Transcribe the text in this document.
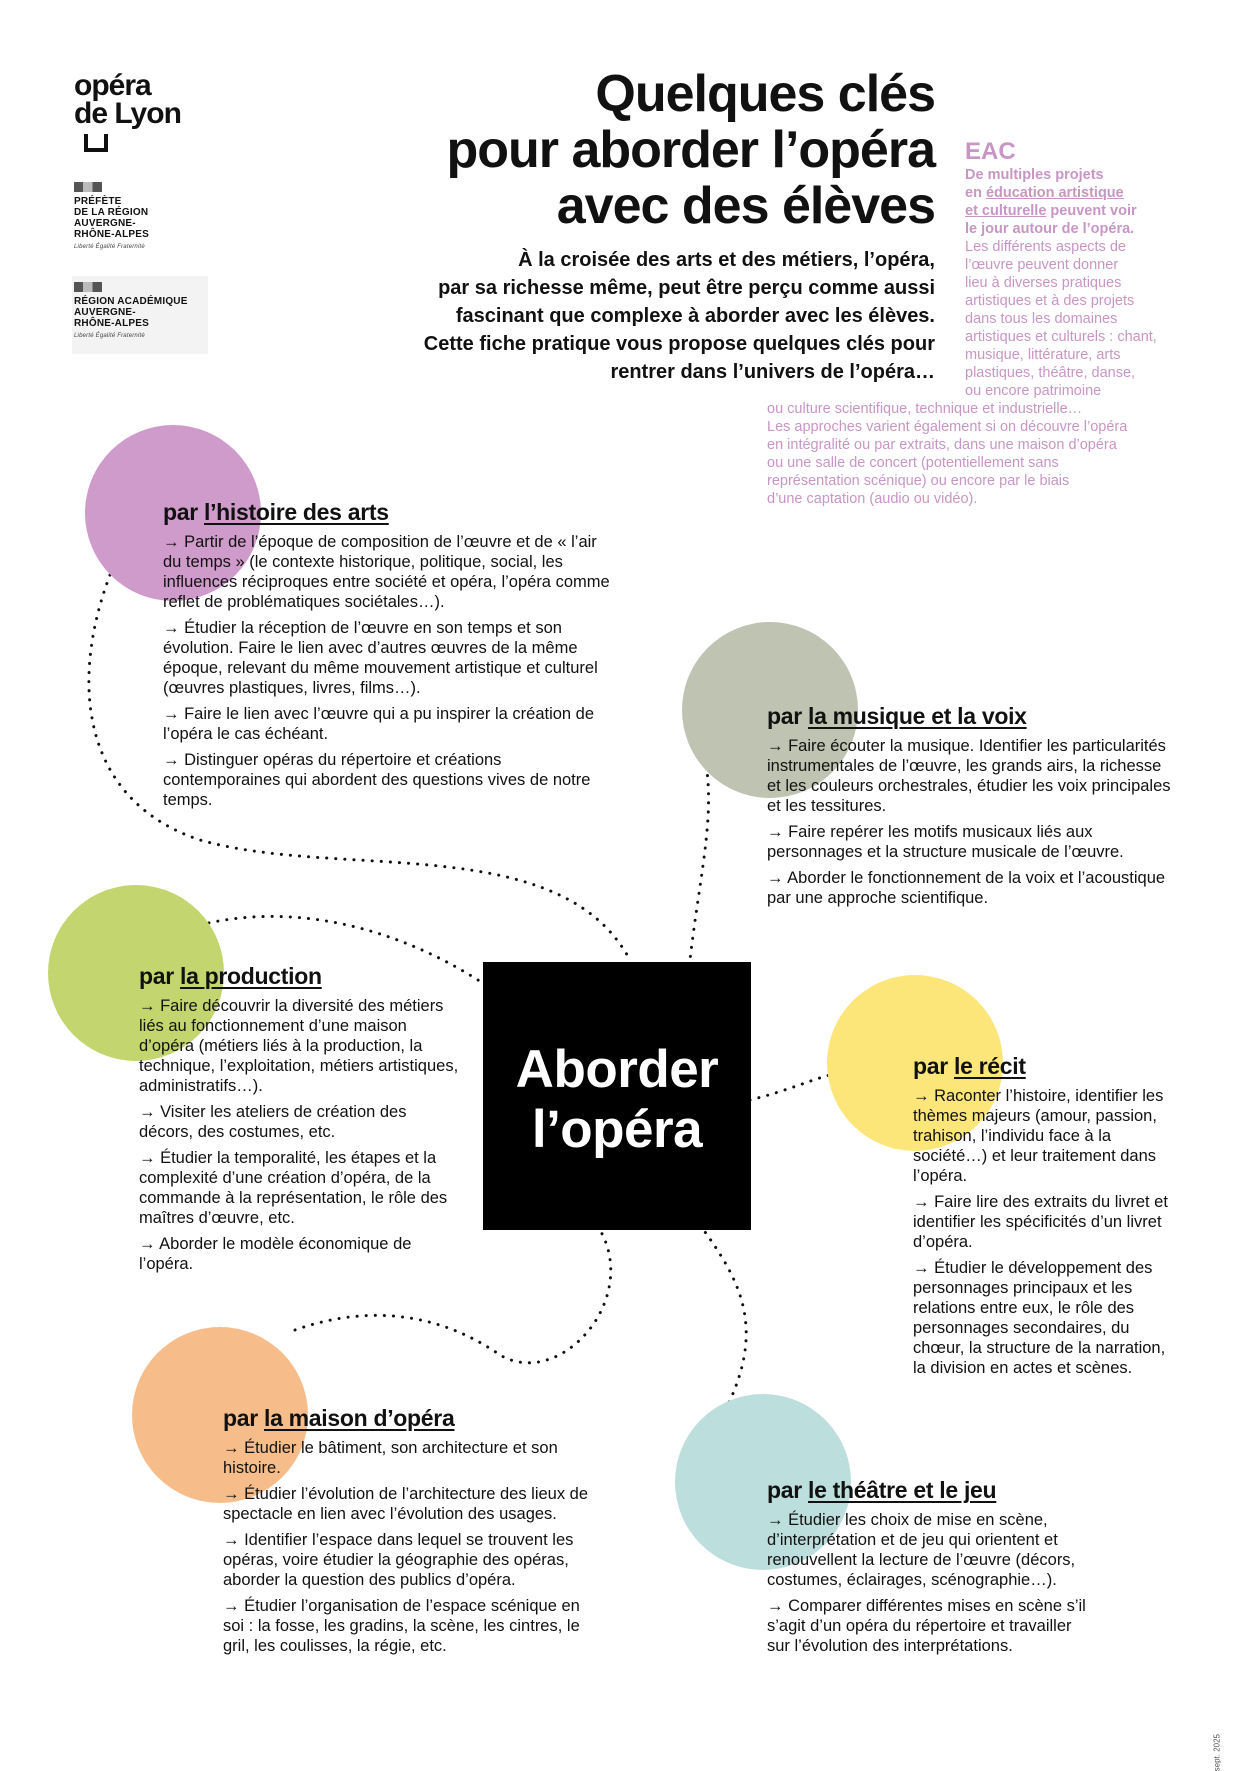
opéra
de Lyon
PRÉFÈTE
DE LA RÉGION
AUVERGNE-
RHÔNE-ALPES
Liberté Égalité Fraternité
RÉGION ACADÉMIQUE
AUVERGNE-
RHÔNE-ALPES
Liberté Égalité Fraternité
Quelques clés
pour aborder l’opéra
avec des élèves
À la croisée des arts et des métiers, l’opéra,
par sa richesse même, peut être perçu comme aussi
fascinant que complexe à aborder avec les élèves.
Cette fiche pratique vous propose quelques clés pour
rentrer dans l’univers de l’opéra…
EAC
De multiples projets
en éducation artistique
et culturelle peuvent voir
le jour autour de l’opéra.
Les différents aspects de
l’œuvre peuvent donner
lieu à diverses pratiques
artistiques et à des projets
dans tous les domaines
artistiques et culturels : chant,
musique, littérature, arts
plastiques, théâtre, danse,
ou encore patrimoine
ou culture scientifique, technique et industrielle…
Les approches varient également si on découvre l’opéra
en intégralité ou par extraits, dans une maison d’opéra
ou une salle de concert (potentiellement sans
représentation scénique) ou encore par le biais
d’une captation (audio ou vidéo).
Aborder
l’opéra
par l’histoire des arts

→ Partir de l’époque de composition de l’œuvre et de « l’air du temps » (le contexte historique, politique, social, les influences réciproques entre société et opéra, l’opéra comme reflet de problématiques sociétales…).

→ Étudier la réception de l’œuvre en son temps et son évolution. Faire le lien avec d’autres œuvres de la même époque, relevant du même mouvement artistique et culturel (œuvres plastiques, livres, films…).

→ Faire le lien avec l’œuvre qui a pu inspirer la création de l’opéra le cas échéant.

→ Distinguer opéras du répertoire et créations contemporaines qui abordent des questions vives de notre temps.

par la musique et la voix

→ Faire écouter la musique. Identifier les particularités instrumentales de l’œuvre, les grands airs, la richesse et les couleurs orchestrales, étudier les voix principales et les tessitures.

→ Faire repérer les motifs musicaux liés aux personnages et la structure musicale de l’œuvre.

→ Aborder le fonctionnement de la voix et l’acoustique par une approche scientifique.

par la production

→ Faire découvrir la diversité des métiers liés au fonctionnement d’une maison d’opéra (métiers liés à la production, la technique, l’exploitation, métiers artistiques, administratifs…).

→ Visiter les ateliers de création des décors, des costumes, etc.

→ Étudier la temporalité, les étapes et la complexité d’une création d’opéra, de la commande à la représentation, le rôle des maîtres d’œuvre, etc.

→ Aborder le modèle économique de l’opéra.

par le récit

→ Raconter l’histoire, identifier les thèmes majeurs (amour, passion, trahison, l’individu face à la société…) et leur traitement dans l’opéra.

→ Faire lire des extraits du livret et identifier les spécificités d’un livret d’opéra.

→ Étudier le développement des personnages principaux et les relations entre eux, le rôle des personnages secondaires, du chœur, la structure de la narration, la division en actes et scènes.

par la maison d’opéra

→ Étudier le bâtiment, son architecture et son histoire.

→ Étudier l’évolution de l’architecture des lieux de spectacle en lien avec l’évolution des usages.

→ Identifier l’espace dans lequel se trouvent les opéras, voire étudier la géographie des opéras, aborder la question des publics d’opéra.

→ Étudier l’organisation de l’espace scénique en soi : la fosse, les gradins, la scène, les cintres, le gril, les coulisses, la régie, etc.

par le théâtre et le jeu

→ Étudier les choix de mise en scène, d’interprétation et de jeu qui orientent et renouvellent la lecture de l’œuvre (décors, costumes, éclairages, scénographie…).

→ Comparer différentes mises en scène s’il s’agit d’un opéra du répertoire et travailler sur l’évolution des interprétations.

sept. 2025
